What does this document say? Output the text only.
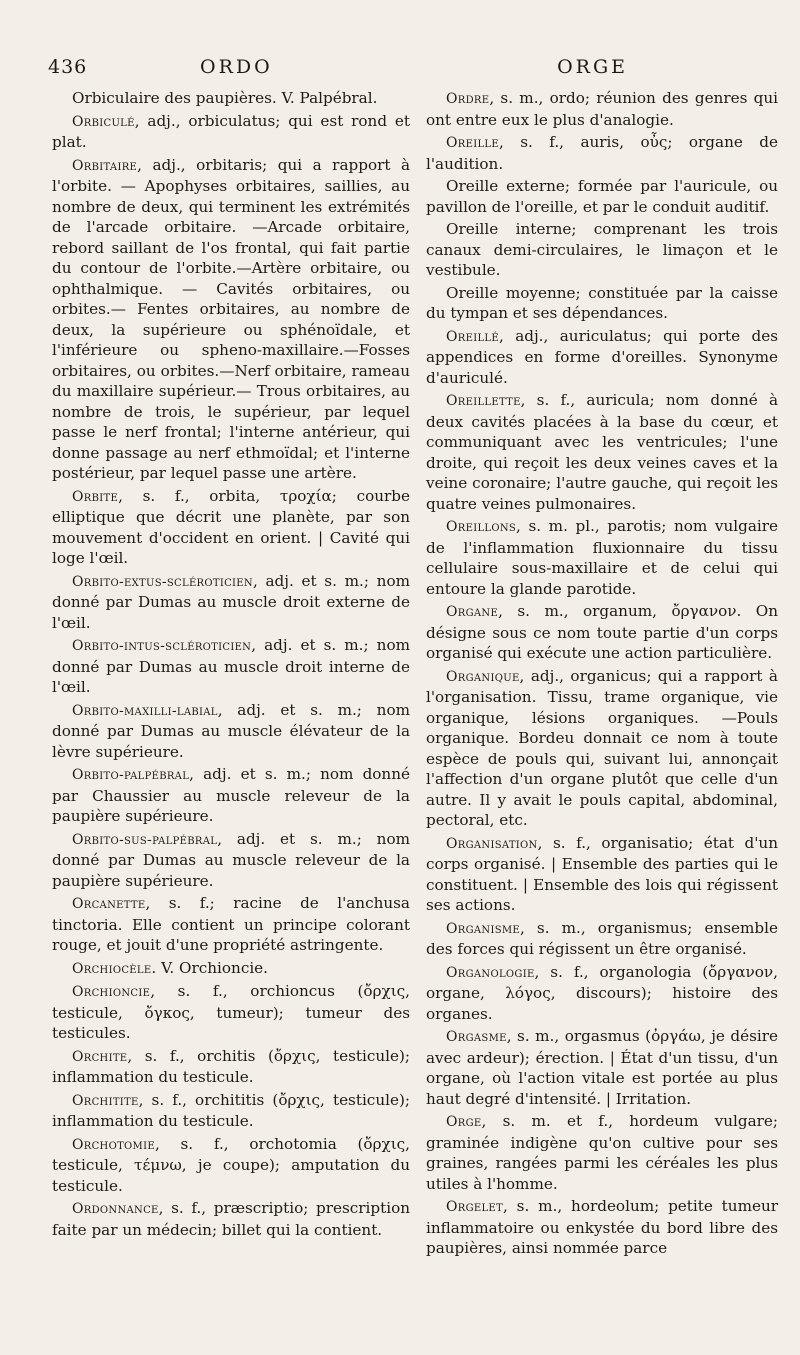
436	ORDO	ORGE

Orbiculaire des paupières. V. Palpébral.

Orbiculé, adj., orbiculatus; qui est rond et plat.

Orbitaire, adj., orbitaris; qui a rapport à l'orbite. — Apophyses orbitaires, saillies, au nombre de deux, qui terminent les extrémités de l'arcade orbitaire. —Arcade orbitaire, rebord saillant de l'os frontal, qui fait partie du contour de l'orbite.—Artère orbitaire, ou ophthalmique. — Cavités orbitaires, ou orbites.— Fentes orbitaires, au nombre de deux, la supérieure ou sphénoïdale, et l'inférieure ou spheno-maxillaire.—Fosses orbitaires, ou orbites.—Nerf orbitaire, rameau du maxillaire supérieur.— Trous orbitaires, au nombre de trois, le supérieur, par lequel passe le nerf frontal; l'interne antérieur, qui donne passage au nerf ethmoïdal; et l'interne postérieur, par lequel passe une artère.

Orbite, s. f., orbita, τροχία; courbe elliptique que décrit une planète, par son mouvement d'occident en orient. | Cavité qui loge l'œil.

Orbito-extus-scléroticien, adj. et s. m.; nom donné par Dumas au muscle droit externe de l'œil.

Orbito-intus-scléroticien, adj. et s. m.; nom donné par Dumas au muscle droit interne de l'œil.

Orbito-maxilli-labial, adj. et s. m.; nom donné par Dumas au muscle élévateur de la lèvre supérieure.

Orbito-palpébral, adj. et s. m.; nom donné par Chaussier au muscle releveur de la paupière supérieure.

Orbito-sus-palpébral, adj. et s. m.; nom donné par Dumas au muscle releveur de la paupière supérieure.

Orcanette, s. f.; racine de l'anchusa tinctoria. Elle contient un principe colorant rouge, et jouit d'une propriété astringente.

Orchiocèle. V. Orchioncie.

Orchioncie, s. f., orchioncus (ὄρχις, testicule, ὄγκος, tumeur); tumeur des testicules.

Orchite, s. f., orchitis (ὄρχις, testicule); inflammation du testicule.

Orchitite, s. f., orchititis (ὄρχις, testicule); inflammation du testicule.

Orchotomie, s. f., orchotomia (ὄρχις, testicule, τέμνω, je coupe); amputation du testicule.

Ordonnance, s. f., præscriptio; prescription faite par un médecin; billet qui la contient.

Ordre, s. m., ordo; réunion des genres qui ont entre eux le plus d'analogie.

Oreille, s. f., auris, οὖς; organe de l'audition.

Oreille externe; formée par l'auricule, ou pavillon de l'oreille, et par le conduit auditif.

Oreille interne; comprenant les trois canaux demi-circulaires, le limaçon et le vestibule.

Oreille moyenne; constituée par la caisse du tympan et ses dépendances.

Oreillé, adj., auriculatus; qui porte des appendices en forme d'oreilles. Synonyme d'auriculé.

Oreillette, s. f., auricula; nom donné à deux cavités placées à la base du cœur, et communiquant avec les ventricules; l'une droite, qui reçoit les deux veines caves et la veine coronaire; l'autre gauche, qui reçoit les quatre veines pulmonaires.

Oreillons, s. m. pl., parotis; nom vulgaire de l'inflammation fluxionnaire du tissu cellulaire sous-maxillaire et de celui qui entoure la glande parotide.

Organe, s. m., organum, ὄργανον. On désigne sous ce nom toute partie d'un corps organisé qui exécute une action particulière.

Organique, adj., organicus; qui a rapport à l'organisation. Tissu, trame organique, vie organique, lésions organiques. —Pouls organique. Bordeu donnait ce nom à toute espèce de pouls qui, suivant lui, annonçait l'affection d'un organe plutôt que celle d'un autre. Il y avait le pouls capital, abdominal, pectoral, etc.

Organisation, s. f., organisatio; état d'un corps organisé. | Ensemble des parties qui le constituent. | Ensemble des lois qui régissent ses actions.

Organisme, s. m., organismus; ensemble des forces qui régissent un être organisé.

Organologie, s. f., organologia (ὄργανον, organe, λόγος, discours); histoire des organes.

Orgasme, s. m., orgasmus (ὀργάω, je désire avec ardeur); érection. | État d'un tissu, d'un organe, où l'action vitale est portée au plus haut degré d'intensité. | Irritation.

Orge, s. m. et f., hordeum vulgare; graminée indigène qu'on cultive pour ses graines, rangées parmi les céréales les plus utiles à l'homme.

Orgelet, s. m., hordeolum; petite tumeur inflammatoire ou enkystée du bord libre des paupières, ainsi nommée parce
